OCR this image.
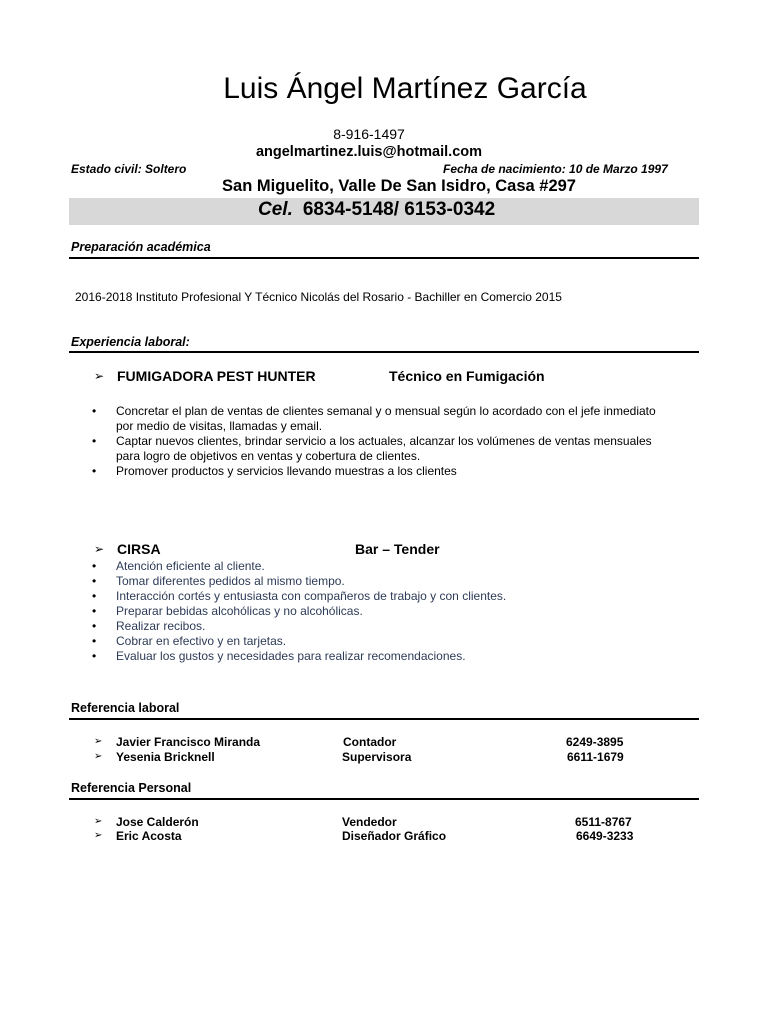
Luis Ángel Martínez García
8-916-1497
angelmartinez.luis@hotmail.com
Estado civil: Soltero	Fecha de nacimiento: 10 de Marzo 1997
San Miguelito, Valle De San Isidro, Casa #297
Cel. 6834-5148/ 6153-0342
Preparación académica
2016-2018 Instituto Profesional Y Técnico Nicolás del Rosario - Bachiller en Comercio 2015
Experiencia laboral:
➢ FUMIGADORA PEST HUNTER	Técnico en Fumigación
• Concretar el plan de ventas de clientes semanal y o mensual según lo acordado con el jefe inmediato
por medio de visitas, llamadas y email.
• Captar nuevos clientes, brindar servicio a los actuales, alcanzar los volúmenes de ventas mensuales
para logro de objetivos en ventas y cobertura de clientes.
• Promover productos y servicios llevando muestras a los clientes
➢ CIRSA	Bar – Tender
• Atención eficiente al cliente.
• Tomar diferentes pedidos al mismo tiempo.
• Interacción cortés y entusiasta con compañeros de trabajo y con clientes.
• Preparar bebidas alcohólicas y no alcohólicas.
• Realizar recibos.
• Cobrar en efectivo y en tarjetas.
• Evaluar los gustos y necesidades para realizar recomendaciones.
Referencia laboral
➢ Javier Francisco Miranda	Contador	6249-3895
➢ Yesenia Bricknell	Supervisora	6611-1679
Referencia Personal
➢ Jose Calderón	Vendedor	6511-8767
➢ Eric Acosta	Diseñador Gráfico	6649-3233
